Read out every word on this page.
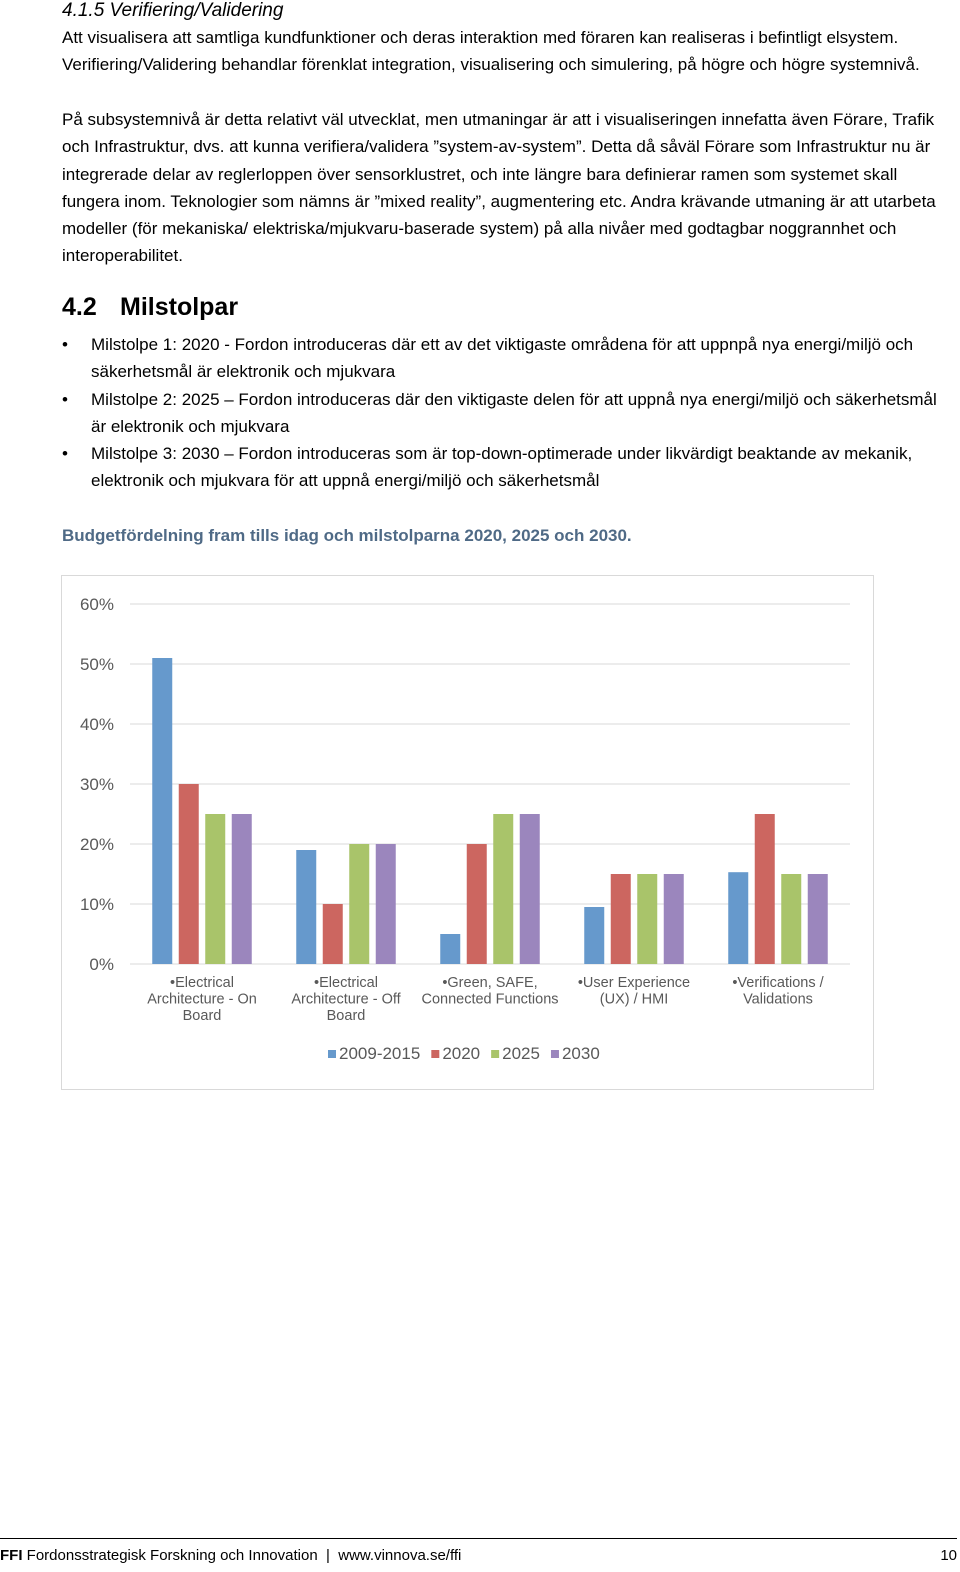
4.1.5 Verifiering/Validering

Att visualisera att samtliga kundfunktioner och deras interaktion med föraren kan realiseras i befintligt elsystem. Verifiering/Validering behandlar förenklat integration, visualisering och simulering, på högre och högre systemnivå.

På subsystemnivå är detta relativt väl utvecklat, men utmaningar är att i visualiseringen innefatta även Förare, Trafik och Infrastruktur, dvs. att kunna verifiera/validera ”system-av-system”. Detta då såväl Förare som Infrastruktur nu är integrerade delar av reglerloppen över sensorklustret, och inte längre bara definierar ramen som systemet skall fungera inom. Teknologier som nämns är ”mixed reality”, augmentering etc. Andra krävande utmaning är att utarbeta modeller (för mekaniska/ elektriska/mjukvaru-baserade system) på alla nivåer med godtagbar noggrannhet och interoperabilitet.

4.2 Milstolpar
• Milstolpe 1: 2020 - Fordon introduceras där ett av det viktigaste områdena för att uppnpå nya energi/miljö och säkerhetsmål är elektronik och mjukvara
• Milstolpe 2: 2025 – Fordon introduceras där den viktigaste delen för att uppnå nya energi/miljö och säkerhetsmål är elektronik och mjukvara
• Milstolpe 3: 2030 – Fordon introduceras som är top-down-optimerade under likvärdigt beaktande av mekanik, elektronik och mjukvara för att uppnå energi/miljö och säkerhetsmål
Budgetfördelning fram tills idag och milstolparna 2020, 2025 och 2030.
0%
10%
20%
30%
40%
50%
60%
•Electrical
Architecture - On
Board
•Electrical
Architecture - Off
Board
•Green, SAFE,
Connected Functions
•User Experience
(UX) / HMI
•Verifications /
Validations
2009-2015 2020 2025 2030
FFI Fordonsstrategisk Forskning och Innovation | www.vinnova.se/ffi	10
